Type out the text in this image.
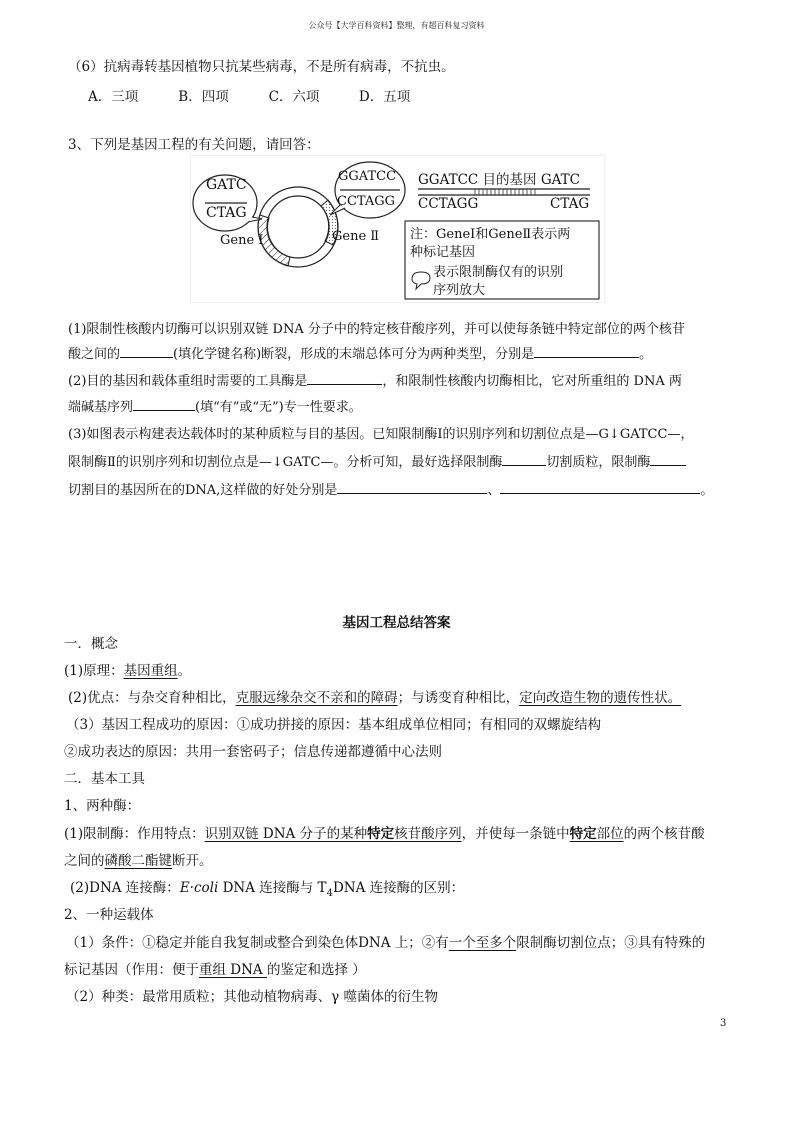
公众号【大学百科资料】整理，有超百科复习资料
（6）抗病毒转基因植物只抗某些病毒，不是所有病毒，不抗虫。
A．三项	B．四项	C．六项	D．五项
3、下列是基因工程的有关问题，请回答：
GATC
CTAG
GGATCC
CCTAGG
Gene Ⅰ	Gene Ⅱ
GGATCC 目的基因 GATC
CCTAGG	CTAG
注：GeneⅠ和GeneⅡ表示两
种标记基因
表示限制酶仅有的识别
序列放大
(1)限制性核酸内切酶可以识别双链 DNA 分子中的特定核苷酸序列，并可以使每条链中特定部位的两个核苷
酸之间的	(填化学键名称)断裂，形成的末端总体可分为两种类型，分别是	。
(2)目的基因和载体重组时需要的工具酶是	，和限制性核酸内切酶相比，它对所重组的 DNA 两
端碱基序列	(填“有”或“无”)专一性要求。
(3)如图表示构建表达载体时的某种质粒与目的基因。已知限制酶Ⅰ的识别序列和切割位点是—G↓GATCC—，
限制酶Ⅱ的识别序列和切割位点是—↓GATC—。分析可知，最好选择限制酶	切割质粒，限制酶
切割目的基因所在的DNA,这样做的好处分别是	、	。
基因工程总结答案
一．概念
(1)原理：基因重组。
(2)优点：与杂交育种相比，克服远缘杂交不亲和的障碍；与诱变育种相比，定向改造生物的遗传性状。
（3）基因工程成功的原因：①成功拼接的原因：基本组成单位相同；有相同的双螺旋结构
②成功表达的原因：共用一套密码子；信息传递都遵循中心法则
二．基本工具
1、两种酶：
(1)限制酶：作用特点：识别双链 DNA 分子的某种特定核苷酸序列，并使每一条链中特定部位的两个核苷酸
之间的磷酸二酯键断开。
(2)DNA 连接酶：E·coli DNA 连接酶与 $T_4DNA$ 连接酶的区别：
2、一种运载体
（1）条件：①稳定并能自我复制或整合到染色体DNA 上；②有一个至多个限制酶切割位点；③具有特殊的
标记基因（作用：便于重组 DNA 的鉴定和选择 ）
（2）种类：最常用质粒；其他动植物病毒、γ 噬菌体的衍生物
3
